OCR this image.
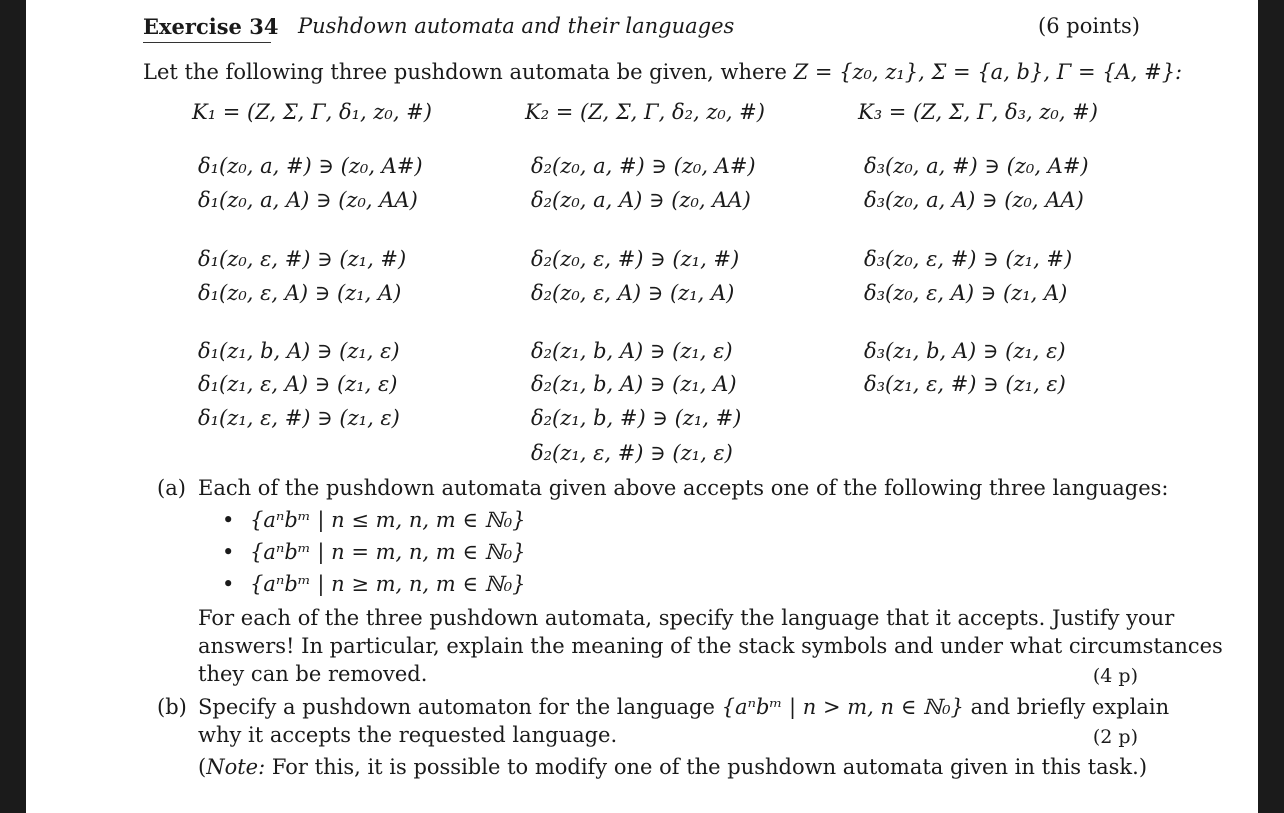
Exercise 34 Pushdown automata and their languages	(6 points)
Let the following three pushdown automata be given, where Z = {z₀, z₁}, Σ = {a, b}, Γ = {A, #}:
K₁ = (Z, Σ, Γ, δ₁, z₀, #)
δ₁(z₀, a, #) ∋ (z₀, A#)
δ₁(z₀, a, A) ∋ (z₀, AA)
δ₁(z₀, ε, #) ∋ (z₁, #)
δ₁(z₀, ε, A) ∋ (z₁, A)
δ₁(z₁, b, A) ∋ (z₁, ε)
δ₁(z₁, ε, A) ∋ (z₁, ε)
δ₁(z₁, ε, #) ∋ (z₁, ε)
K₂ = (Z, Σ, Γ, δ₂, z₀, #)
δ₂(z₀, a, #) ∋ (z₀, A#)
δ₂(z₀, a, A) ∋ (z₀, AA)
δ₂(z₀, ε, #) ∋ (z₁, #)
δ₂(z₀, ε, A) ∋ (z₁, A)
δ₂(z₁, b, A) ∋ (z₁, ε)
δ₂(z₁, b, A) ∋ (z₁, A)
δ₂(z₁, b, #) ∋ (z₁, #)
δ₂(z₁, ε, #) ∋ (z₁, ε)
K₃ = (Z, Σ, Γ, δ₃, z₀, #)
δ₃(z₀, a, #) ∋ (z₀, A#)
δ₃(z₀, a, A) ∋ (z₀, AA)
δ₃(z₀, ε, #) ∋ (z₁, #)
δ₃(z₀, ε, A) ∋ (z₁, A)
δ₃(z₁, b, A) ∋ (z₁, ε)
δ₃(z₁, ε, #) ∋ (z₁, ε)
(a) Each of the pushdown automata given above accepts one of the following three languages:
• {aⁿbᵐ | n ≤ m, n, m ∈ ℕ₀}
• {aⁿbᵐ | n = m, n, m ∈ ℕ₀}
• {aⁿbᵐ | n ≥ m, n, m ∈ ℕ₀}
For each of the three pushdown automata, specify the language that it accepts. Justify your
answers! In particular, explain the meaning of the stack symbols and under what circumstances
they can be removed.	(4 p)
(b) Specify a pushdown automaton for the language {aⁿbᵐ | n > m, n ∈ ℕ₀} and briefly explain
why it accepts the requested language.	(2 p)
(Note: For this, it is possible to modify one of the pushdown automata given in this task.)
